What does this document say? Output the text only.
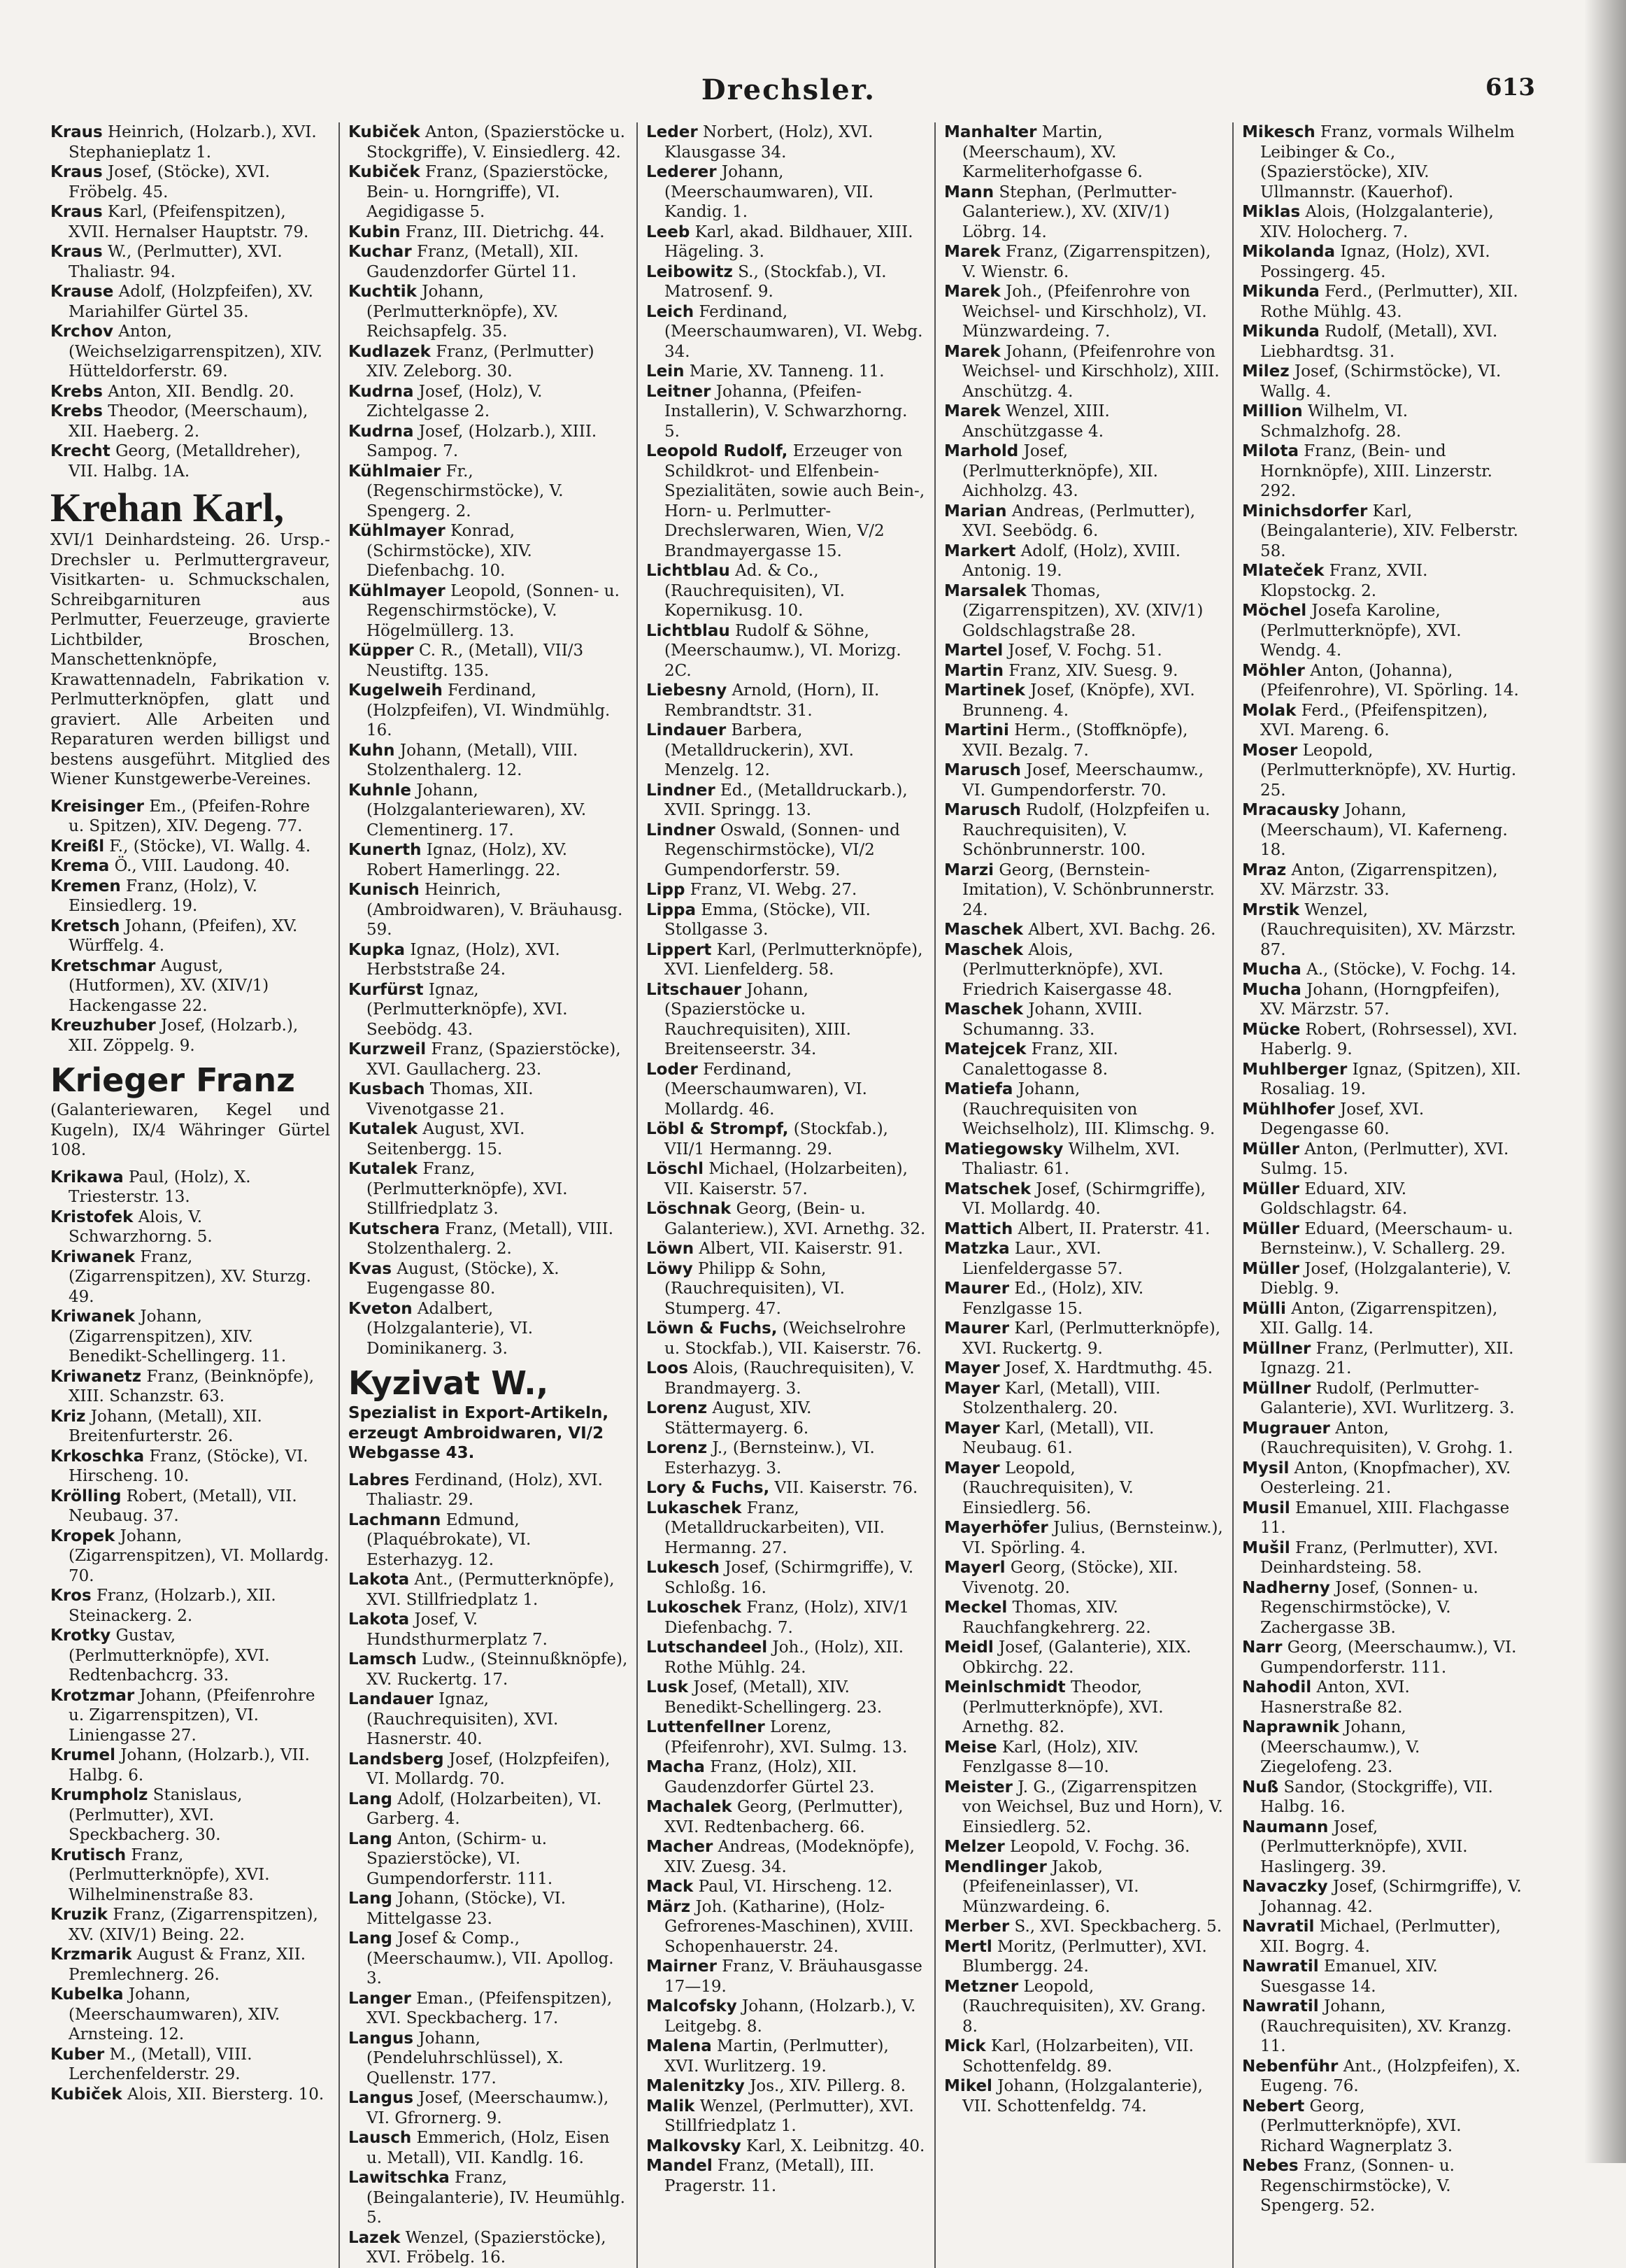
Drechsler.	613

Kraus Heinrich, (Holzarb.), XVI. Stephanieplatz 1.

Kraus Josef, (Stöcke), XVI. Fröbelg. 45.

Kraus Karl, (Pfeifenspitzen), XVII. Hernalser Hauptstr. 79.

Kraus W., (Perlmutter), XVI. Thaliastr. 94.

Krause Adolf, (Holzpfeifen), XV. Mariahilfer Gürtel 35.

Krchov Anton, (Weichselzigarrenspitzen), XIV. Hütteldorferstr. 69.

Krebs Anton, XII. Bendlg. 20.

Krebs Theodor, (Meerschaum), XII. Haeberg. 2.

Krecht Georg, (Metalldreher), VII. Halbg. 1A.

Krehan Karl,
XVI/1 Deinhardsteing. 26. Ursp.-Drechsler u. Perlmuttergraveur, Visitkarten- u. Schmuckschalen, Schreibgarnituren aus Perlmutter, Feuerzeuge, gravierte Lichtbilder, Broschen, Manschettenknöpfe, Krawattennadeln, Fabrikation v. Perlmutterknöpfen, glatt und graviert. Alle Arbeiten und Reparaturen werden billigst und bestens ausgeführt. Mitglied des Wiener Kunstgewerbe-Vereines.

Kreisinger Em., (Pfeifen-Rohre u. Spitzen), XIV. Degeng. 77.

Kreißl F., (Stöcke), VI. Wallg. 4.

Krema Ö., VIII. Laudong. 40.

Kremen Franz, (Holz), V. Einsiedlerg. 19.

Kretsch Johann, (Pfeifen), XV. Würffelg. 4.

Kretschmar August, (Hutformen), XV. (XIV/1) Hackengasse 22.

Kreuzhuber Josef, (Holzarb.), XII. Zöppelg. 9.

Krieger Franz
(Galanteriewaren, Kegel und Kugeln), IX/4 Währinger Gürtel 108.

Krikawa Paul, (Holz), X. Triesterstr. 13.

Kristofek Alois, V. Schwarzhorng. 5.

Kriwanek Franz, (Zigarrenspitzen), XV. Sturzg. 49.

Kriwanek Johann, (Zigarrenspitzen), XIV. Benedikt-Schellingerg. 11.

Kriwanetz Franz, (Beinknöpfe), XIII. Schanzstr. 63.

Kriz Johann, (Metall), XII. Breitenfurterstr. 26.

Krkoschka Franz, (Stöcke), VI. Hirscheng. 10.

Krölling Robert, (Metall), VII. Neubaug. 37.

Kropek Johann, (Zigarrenspitzen), VI. Mollardg. 70.

Kros Franz, (Holzarb.), XII. Steinackerg. 2.

Krotky Gustav, (Perlmutterknöpfe), XVI. Redtenbachcrg. 33.

Krotzmar Johann, (Pfeifenrohre u. Zigarrenspitzen), VI. Liniengasse 27.

Krumel Johann, (Holzarb.), VII. Halbg. 6.

Krumpholz Stanislaus, (Perlmutter), XVI. Speckbacherg. 30.

Krutisch Franz, (Perlmutterknöpfe), XVI. Wilhelminenstraße 83.

Kruzik Franz, (Zigarrenspitzen), XV. (XIV/1) Being. 22.

Krzmarik August & Franz, XII. Premlechnerg. 26.

Kubelka Johann, (Meerschaumwaren), XIV. Arnsteing. 12.

Kuber M., (Metall), VIII. Lerchenfelderstr. 29.

Kubiček Alois, XII. Biersterg. 10.

Kubiček Anton, (Spazierstöcke u. Stockgriffe), V. Einsiedlerg. 42.

Kubiček Franz, (Spazierstöcke, Bein- u. Horngriffe), VI. Aegidigasse 5.

Kubin Franz, III. Dietrichg. 44.

Kuchar Franz, (Metall), XII. Gaudenzdorfer Gürtel 11.

Kuchtik Johann, (Perlmutterknöpfe), XV. Reichsapfelg. 35.

Kudlazek Franz, (Perlmutter) XIV. Zeleborg. 30.

Kudrna Josef, (Holz), V. Zichtelgasse 2.

Kudrna Josef, (Holzarb.), XIII. Sampog. 7.

Kühlmaier Fr., (Regenschirmstöcke), V. Spengerg. 2.

Kühlmayer Konrad, (Schirmstöcke), XIV. Diefenbachg. 10.

Kühlmayer Leopold, (Sonnen- u. Regenschirmstöcke), V. Högelmüllerg. 13.

Küpper C. R., (Metall), VII/3 Neustiftg. 135.

Kugelweih Ferdinand, (Holzpfeifen), VI. Windmühlg. 16.

Kuhn Johann, (Metall), VIII. Stolzenthalerg. 12.

Kuhnle Johann, (Holzgalanteriewaren), XV. Clementinerg. 17.

Kunerth Ignaz, (Holz), XV. Robert Hamerlingg. 22.

Kunisch Heinrich, (Ambroidwaren), V. Bräuhausg. 59.

Kupka Ignaz, (Holz), XVI. Herbststraße 24.

Kurfürst Ignaz, (Perlmutterknöpfe), XVI. Seebödg. 43.

Kurzweil Franz, (Spazierstöcke), XVI. Gaullacherg. 23.

Kusbach Thomas, XII. Vivenotgasse 21.

Kutalek August, XVI. Seitenbergg. 15.

Kutalek Franz, (Perlmutterknöpfe), XVI. Stillfriedplatz 3.

Kutschera Franz, (Metall), VIII. Stolzenthalerg. 2.

Kvas August, (Stöcke), X. Eugengasse 80.

Kveton Adalbert, (Holzgalanterie), VI. Dominikanerg. 3.

Kyzivat W.,
Spezialist in Export-Artikeln, erzeugt Ambroidwaren, VI/2 Webgasse 43.

Labres Ferdinand, (Holz), XVI. Thaliastr. 29.

Lachmann Edmund, (Plaquébrokate), VI. Esterhazyg. 12.

Lakota Ant., (Permutterknöpfe), XVI. Stillfriedplatz 1.

Lakota Josef, V. Hundsthurmerplatz 7.

Lamsch Ludw., (Steinnußknöpfe), XV. Ruckertg. 17.

Landauer Ignaz, (Rauchrequisiten), XVI. Hasnerstr. 40.

Landsberg Josef, (Holzpfeifen), VI. Mollardg. 70.

Lang Adolf, (Holzarbeiten), VI. Garberg. 4.

Lang Anton, (Schirm- u. Spazierstöcke), VI. Gumpendorferstr. 111.

Lang Johann, (Stöcke), VI. Mittelgasse 23.

Lang Josef & Comp., (Meerschaumw.), VII. Apollog. 3.

Langer Eman., (Pfeifenspitzen), XVI. Speckbacherg. 17.

Langus Johann, (Pendeluhrschlüssel), X. Quellenstr. 177.

Langus Josef, (Meerschaumw.), VI. Gfrornerg. 9.

Lausch Emmerich, (Holz, Eisen u. Metall), VII. Kandlg. 16.

Lawitschka Franz, (Beingalanterie), IV. Heumühlg. 5.

Lazek Wenzel, (Spazierstöcke), XVI. Fröbelg. 16.

Leder Norbert, (Holz), XVI. Klausgasse 34.

Lederer Johann, (Meerschaumwaren), VII. Kandig. 1.

Leeb Karl, akad. Bildhauer, XIII. Hägeling. 3.

Leibowitz S., (Stockfab.), VI. Matrosenf. 9.

Leich Ferdinand, (Meerschaumwaren), VI. Webg. 34.

Lein Marie, XV. Tanneng. 11.

Leitner Johanna, (Pfeifen-Installerin), V. Schwarzhorng. 5.

Leopold Rudolf, Erzeuger von Schildkrot- und Elfenbein-Spezialitäten, sowie auch Bein-, Horn- u. Perlmutter-Drechslerwaren, Wien, V/2 Brandmayergasse 15.

Lichtblau Ad. & Co., (Rauchrequisiten), VI. Kopernikusg. 10.

Lichtblau Rudolf & Söhne, (Meerschaumw.), VI. Morizg. 2C.

Liebesny Arnold, (Horn), II. Rembrandtstr. 31.

Lindauer Barbera, (Metalldruckerin), XVI. Menzelg. 12.

Lindner Ed., (Metalldruckarb.), XVII. Springg. 13.

Lindner Oswald, (Sonnen- und Regenschirmstöcke), VI/2 Gumpendorferstr. 59.

Lipp Franz, VI. Webg. 27.

Lippa Emma, (Stöcke), VII. Stollgasse 3.

Lippert Karl, (Perlmutterknöpfe), XVI. Lienfelderg. 58.

Litschauer Johann, (Spazierstöcke u. Rauchrequisiten), XIII. Breitenseerstr. 34.

Loder Ferdinand, (Meerschaumwaren), VI. Mollardg. 46.

Löbl & Strompf, (Stockfab.), VII/1 Hermanng. 29.

Löschl Michael, (Holzarbeiten), VII. Kaiserstr. 57.

Löschnak Georg, (Bein- u. Galanteriew.), XVI. Arnethg. 32.

Löwn Albert, VII. Kaiserstr. 91.

Löwy Philipp & Sohn, (Rauchrequisiten), VI. Stumperg. 47.

Löwn & Fuchs, (Weichselrohre u. Stockfab.), VII. Kaiserstr. 76.

Loos Alois, (Rauchrequisiten), V. Brandmayerg. 3.

Lorenz August, XIV. Stättermayerg. 6.

Lorenz J., (Bernsteinw.), VI. Esterhazyg. 3.

Lory & Fuchs, VII. Kaiserstr. 76.

Lukaschek Franz, (Metalldruckarbeiten), VII. Hermanng. 27.

Lukesch Josef, (Schirmgriffe), V. Schloßg. 16.

Lukoschek Franz, (Holz), XIV/1 Diefenbachg. 7.

Lutschandeel Joh., (Holz), XII. Rothe Mühlg. 24.

Lusk Josef, (Metall), XIV. Benedikt-Schellingerg. 23.

Luttenfellner Lorenz, (Pfeifenrohr), XVI. Sulmg. 13.

Macha Franz, (Holz), XII. Gaudenzdorfer Gürtel 23.

Machalek Georg, (Perlmutter), XVI. Redtenbacherg. 66.

Macher Andreas, (Modeknöpfe), XIV. Zuesg. 34.

Mack Paul, VI. Hirscheng. 12.

März Joh. (Katharine), (Holz-Gefrorenes-Maschinen), XVIII. Schopenhauerstr. 24.

Mairner Franz, V. Bräuhausgasse 17—19.

Malcofsky Johann, (Holzarb.), V. Leitgebg. 8.

Malena Martin, (Perlmutter), XVI. Wurlitzerg. 19.

Malenitzky Jos., XIV. Pillerg. 8.

Malik Wenzel, (Perlmutter), XVI. Stillfriedplatz 1.

Malkovsky Karl, X. Leibnitzg. 40.

Mandel Franz, (Metall), III. Pragerstr. 11.

Manhalter Martin, (Meerschaum), XV. Karmeliterhofgasse 6.

Mann Stephan, (Perlmutter-Galanteriew.), XV. (XIV/1) Löbrg. 14.

Marek Franz, (Zigarrenspitzen), V. Wienstr. 6.

Marek Joh., (Pfeifenrohre von Weichsel- und Kirschholz), VI. Münzwardeing. 7.

Marek Johann, (Pfeifenrohre von Weichsel- und Kirschholz), XIII. Anschützg. 4.

Marek Wenzel, XIII. Anschützgasse 4.

Marhold Josef, (Perlmutterknöpfe), XII. Aichholzg. 43.

Marian Andreas, (Perlmutter), XVI. Seebödg. 6.

Markert Adolf, (Holz), XVIII. Antonig. 19.

Marsalek Thomas, (Zigarrenspitzen), XV. (XIV/1) Goldschlagstraße 28.

Martel Josef, V. Fochg. 51.

Martin Franz, XIV. Suesg. 9.

Martinek Josef, (Knöpfe), XVI. Brunneng. 4.

Martini Herm., (Stoffknöpfe), XVII. Bezalg. 7.

Marusch Josef, Meerschaumw., VI. Gumpendorferstr. 70.

Marusch Rudolf, (Holzpfeifen u. Rauchrequisiten), V. Schönbrunnerstr. 100.

Marzi Georg, (Bernstein-Imitation), V. Schönbrunnerstr. 24.

Maschek Albert, XVI. Bachg. 26.

Maschek Alois, (Perlmutterknöpfe), XVI. Friedrich Kaisergasse 48.

Maschek Johann, XVIII. Schumanng. 33.

Matejcek Franz, XII. Canalettogasse 8.

Matiefa Johann, (Rauchrequisiten von Weichselholz), III. Klimschg. 9.

Matiegowsky Wilhelm, XVI. Thaliastr. 61.

Matschek Josef, (Schirmgriffe), VI. Mollardg. 40.

Mattich Albert, II. Praterstr. 41.

Matzka Laur., XVI. Lienfeldergasse 57.

Maurer Ed., (Holz), XIV. Fenzlgasse 15.

Maurer Karl, (Perlmutterknöpfe), XVI. Ruckertg. 9.

Mayer Josef, X. Hardtmuthg. 45.

Mayer Karl, (Metall), VIII. Stolzenthalerg. 20.

Mayer Karl, (Metall), VII. Neubaug. 61.

Mayer Leopold, (Rauchrequisiten), V. Einsiedlerg. 56.

Mayerhöfer Julius, (Bernsteinw.), VI. Spörling. 4.

Mayerl Georg, (Stöcke), XII. Vivenotg. 20.

Meckel Thomas, XIV. Rauchfangkehrerg. 22.

Meidl Josef, (Galanterie), XIX. Obkirchg. 22.

Meinlschmidt Theodor, (Perlmutterknöpfe), XVI. Arnethg. 82.

Meise Karl, (Holz), XIV. Fenzlgasse 8—10.

Meister J. G., (Zigarrenspitzen von Weichsel, Buz und Horn), V. Einsiedlerg. 52.

Melzer Leopold, V. Fochg. 36.

Mendlinger Jakob, (Pfeifeneinlasser), VI. Münzwardeing. 6.

Merber S., XVI. Speckbacherg. 5.

Mertl Moritz, (Perlmutter), XVI. Blumbergg. 24.

Metzner Leopold, (Rauchrequisiten), XV. Grang. 8.

Mick Karl, (Holzarbeiten), VII. Schottenfeldg. 89.

Mikel Johann, (Holzgalanterie), VII. Schottenfeldg. 74.

Mikesch Franz, vormals Wilhelm Leibinger & Co., (Spazierstöcke), XIV. Ullmannstr. (Kauerhof).

Miklas Alois, (Holzgalanterie), XIV. Holocherg. 7.

Mikolanda Ignaz, (Holz), XVI. Possingerg. 45.

Mikunda Ferd., (Perlmutter), XII. Rothe Mühlg. 43.

Mikunda Rudolf, (Metall), XVI. Liebhardtsg. 31.

Milez Josef, (Schirmstöcke), VI. Wallg. 4.

Million Wilhelm, VI. Schmalzhofg. 28.

Milota Franz, (Bein- und Hornknöpfe), XIII. Linzerstr. 292.

Minichsdorfer Karl, (Beingalanterie), XIV. Felberstr. 58.

Mlateček Franz, XVII. Klopstockg. 2.

Möchel Josefa Karoline, (Perlmutterknöpfe), XVI. Wendg. 4.

Möhler Anton, (Johanna), (Pfeifenrohre), VI. Spörling. 14.

Molak Ferd., (Pfeifenspitzen), XVI. Mareng. 6.

Moser Leopold, (Perlmutterknöpfe), XV. Hurtig. 25.

Mracausky Johann, (Meerschaum), VI. Kaferneng. 18.

Mraz Anton, (Zigarrenspitzen), XV. Märzstr. 33.

Mrstik Wenzel, (Rauchrequisiten), XV. Märzstr. 87.

Mucha A., (Stöcke), V. Fochg. 14.

Mucha Johann, (Horngpfeifen), XV. Märzstr. 57.

Mücke Robert, (Rohrsessel), XVI. Haberlg. 9.

Muhlberger Ignaz, (Spitzen), XII. Rosaliag. 19.

Mühlhofer Josef, XVI. Degengasse 60.

Müller Anton, (Perlmutter), XVI. Sulmg. 15.

Müller Eduard, XIV. Goldschlagstr. 64.

Müller Eduard, (Meerschaum- u. Bernsteinw.), V. Schallerg. 29.

Müller Josef, (Holzgalanterie), V. Dieblg. 9.

Mülli Anton, (Zigarrenspitzen), XII. Gallg. 14.

Müllner Franz, (Perlmutter), XII. Ignazg. 21.

Müllner Rudolf, (Perlmutter-Galanterie), XVI. Wurlitzerg. 3.

Mugrauer Anton, (Rauchrequisiten), V. Grohg. 1.

Mysil Anton, (Knopfmacher), XV. Oesterleing. 21.

Musil Emanuel, XIII. Flachgasse 11.

Mušil Franz, (Perlmutter), XVI. Deinhardsteing. 58.

Nadherny Josef, (Sonnen- u. Regenschirmstöcke), V. Zachergasse 3B.

Narr Georg, (Meerschaumw.), VI. Gumpendorferstr. 111.

Nahodil Anton, XVI. Hasnerstraße 82.

Naprawnik Johann, (Meerschaumw.), V. Ziegelofeng. 23.

Nuß Sandor, (Stockgriffe), VII. Halbg. 16.

Naumann Josef, (Perlmutterknöpfe), XVII. Haslingerg. 39.

Navaczky Josef, (Schirmgriffe), V. Johannag. 42.

Navratil Michael, (Perlmutter), XII. Bogrg. 4.

Nawratil Emanuel, XIV. Suesgasse 14.

Nawratil Johann, (Rauchrequisiten), XV. Kranzg. 11.

Nebenführ Ant., (Holzpfeifen), X. Eugeng. 76.

Nebert Georg, (Perlmutterknöpfe), XVI. Richard Wagnerplatz 3.

Nebes Franz, (Sonnen- u. Regenschirmstöcke), V. Spengerg. 52.
